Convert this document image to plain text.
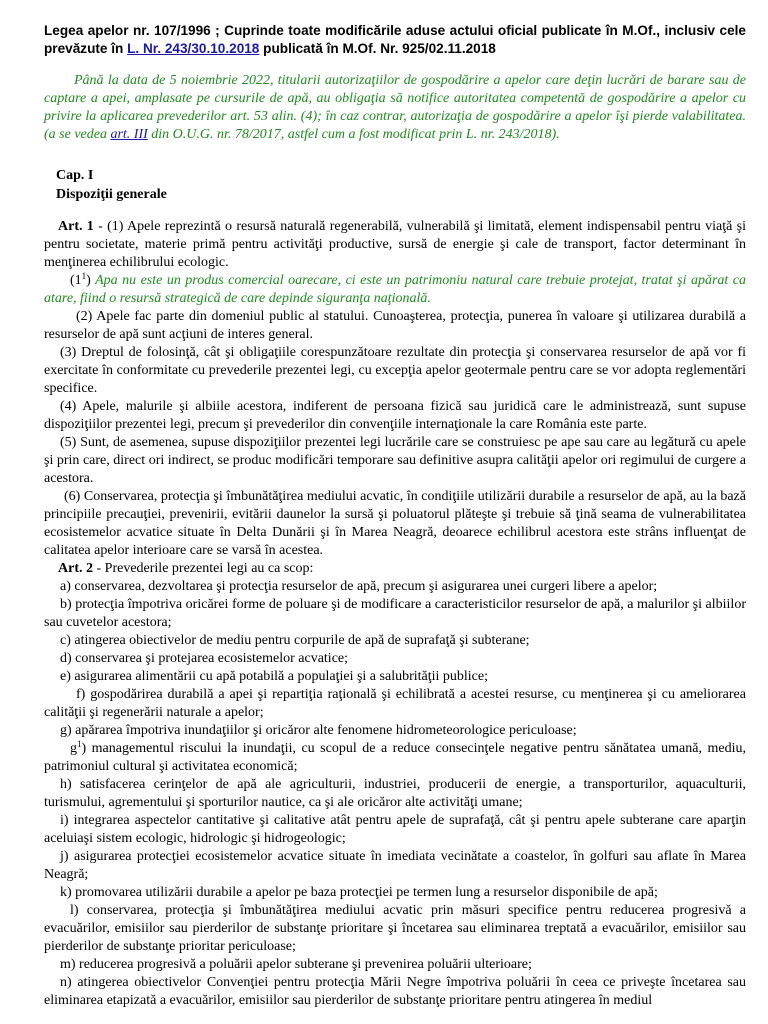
Legea apelor nr. 107/1996 ; Cuprinde toate modificările aduse actului oficial publicate în M.Of., inclusiv cele prevăzute în L. Nr. 243/30.10.2018 publicată în M.Of. Nr. 925/02.11.2018
Până la data de 5 noiembrie 2022, titularii autorizaţiilor de gospodărire a apelor care deţin lucrări de barare sau de captare a apei, amplasate pe cursurile de apă, au obligaţia să notifice autoritatea competentă de gospodărire a apelor cu privire la aplicarea prevederilor art. 53 alin. (4); în caz contrar, autorizaţia de gospodărire a apelor îşi pierde valabilitatea. (a se vedea art. III din O.U.G. nr. 78/2017, astfel cum a fost modificat prin L. nr. 243/2018).
Cap. I
Dispoziţii generale

Art. 1 - (1) Apele reprezintă o resursă naturală regenerabilă, vulnerabilă şi limitată, element indispensabil pentru viaţă şi pentru societate, materie primă pentru activităţi productive, sursă de energie şi cale de transport, factor determinant în menţinerea echilibrului ecologic.

$(1^1)$ Apa nu este un produs comercial oarecare, ci este un patrimoniu natural care trebuie protejat, tratat şi apărat ca atare, fiind o resursă strategică de care depinde siguranţa naţională.

(2) Apele fac parte din domeniul public al statului. Cunoaşterea, protecţia, punerea în valoare şi utilizarea durabilă a resurselor de apă sunt acţiuni de interes general.

(3) Dreptul de folosinţă, cât şi obligaţiile corespunzătoare rezultate din protecţia şi conservarea resurselor de apă vor fi exercitate în conformitate cu prevederile prezentei legi, cu excepţia apelor geotermale pentru care se vor adopta reglementări specifice.

(4) Apele, malurile şi albiile acestora, indiferent de persoana fizică sau juridică care le administrează, sunt supuse dispoziţiilor prezentei legi, precum şi prevederilor din convenţiile internaţionale la care România este parte.

(5) Sunt, de asemenea, supuse dispoziţiilor prezentei legi lucrările care se construiesc pe ape sau care au legătură cu apele şi prin care, direct ori indirect, se produc modificări temporare sau definitive asupra calităţii apelor ori regimului de curgere a acestora.

(6) Conservarea, protecţia şi îmbunătăţirea mediului acvatic, în condiţiile utilizării durabile a resurselor de apă, au la bază principiile precauţiei, prevenirii, evitării daunelor la sursă şi poluatorul plăteşte şi trebuie să ţină seama de vulnerabilitatea ecosistemelor acvatice situate în Delta Dunării şi în Marea Neagră, deoarece echilibrul acestora este strâns influenţat de calitatea apelor interioare care se varsă în acestea.

Art. 2 - Prevederile prezentei legi au ca scop:

a) conservarea, dezvoltarea şi protecţia resurselor de apă, precum şi asigurarea unei curgeri libere a apelor;

b) protecţia împotriva oricărei forme de poluare şi de modificare a caracteristicilor resurselor de apă, a malurilor şi albiilor sau cuvetelor acestora;

c) atingerea obiectivelor de mediu pentru corpurile de apă de suprafaţă şi subterane;

d) conservarea şi protejarea ecosistemelor acvatice;

e) asigurarea alimentării cu apă potabilă a populaţiei şi a salubrităţii publice;

f) gospodărirea durabilă a apei şi repartiţia raţională şi echilibrată a acestei resurse, cu menţinerea şi cu ameliorarea calităţii şi regenerării naturale a apelor;

g) apărarea împotriva inundaţiilor şi oricăror alte fenomene hidrometeorologice periculoase;

$g^1$) managementul riscului la inundaţii, cu scopul de a reduce consecinţele negative pentru sănătatea umană, mediu, patrimoniul cultural şi activitatea economică;

h) satisfacerea cerinţelor de apă ale agriculturii, industriei, producerii de energie, a transporturilor, aquaculturii, turismului, agrementului şi sporturilor nautice, ca şi ale oricăror alte activităţi umane;

i) integrarea aspectelor cantitative şi calitative atât pentru apele de suprafaţă, cât şi pentru apele subterane care aparţin aceluiaşi sistem ecologic, hidrologic şi hidrogeologic;

j) asigurarea protecţiei ecosistemelor acvatice situate în imediata vecinătate a coastelor, în golfuri sau aflate în Marea Neagră;

k) promovarea utilizării durabile a apelor pe baza protecţiei pe termen lung a resurselor disponibile de apă;

l) conservarea, protecţia şi îmbunătăţirea mediului acvatic prin măsuri specifice pentru reducerea progresivă a evacuărilor, emisiilor sau pierderilor de substanţe prioritare şi încetarea sau eliminarea treptată a evacuărilor, emisiilor sau pierderilor de substanţe prioritar periculoase;

m) reducerea progresivă a poluării apelor subterane şi prevenirea poluării ulterioare;

n) atingerea obiectivelor Convenţiei pentru protecţia Mării Negre împotriva poluării în ceea ce priveşte încetarea sau eliminarea etapizată a evacuărilor, emisiilor sau pierderilor de substanţe prioritare pentru atingerea în mediul
